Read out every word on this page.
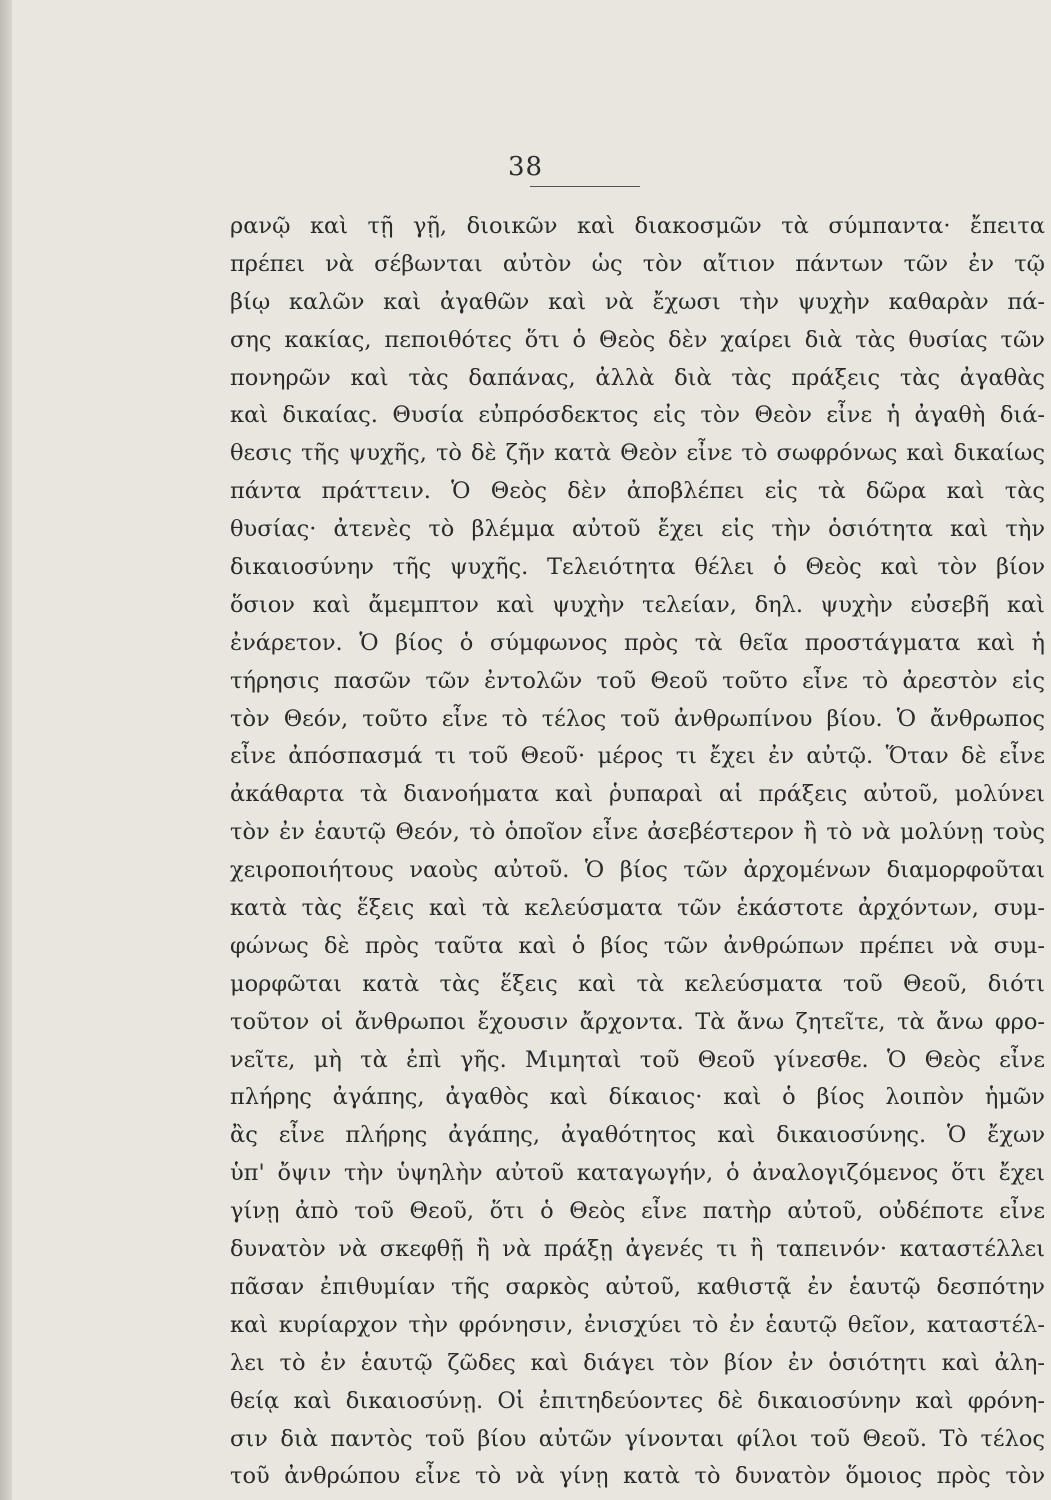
38
ρανῷ καὶ τῇ γῇ, διοικῶν καὶ διακοσμῶν τὰ σύμπαντα· ἔπειτα
πρέπει νὰ σέβωνται αὐτὸν ὡς τὸν αἴτιον πάντων τῶν ἐν τῷ
βίῳ καλῶν καὶ ἀγαθῶν καὶ νὰ ἔχωσι τὴν ψυχὴν καθαρὰν πά-
σης κακίας, πεποιθότες ὅτι ὁ Θεὸς δὲν χαίρει διὰ τὰς θυσίας τῶν
πονηρῶν καὶ τὰς δαπάνας, ἀλλὰ διὰ τὰς πράξεις τὰς ἀγαθὰς
καὶ δικαίας. Θυσία εὐπρόσδεκτος εἰς τὸν Θεὸν εἶνε ἡ ἀγαθὴ διά-
θεσις τῆς ψυχῆς, τὸ δὲ ζῆν κατὰ Θεὸν εἶνε τὸ σωφρόνως καὶ δικαίως
πάντα πράττειν. Ὁ Θεὸς δὲν ἀποβλέπει εἰς τὰ δῶρα καὶ τὰς
θυσίας· ἀτενὲς τὸ βλέμμα αὐτοῦ ἔχει εἰς τὴν ὁσιότητα καὶ τὴν
δικαιοσύνην τῆς ψυχῆς. Τελειότητα θέλει ὁ Θεὸς καὶ τὸν βίον
ὅσιον καὶ ἄμεμπτον καὶ ψυχὴν τελείαν, δηλ. ψυχὴν εὐσεβῆ καὶ
ἐνάρετον. Ὁ βίος ὁ σύμφωνος πρὸς τὰ θεῖα προστάγματα καὶ ἡ
τήρησις πασῶν τῶν ἐντολῶν τοῦ Θεοῦ τοῦτο εἶνε τὸ ἀρεστὸν εἰς
τὸν Θεόν, τοῦτο εἶνε τὸ τέλος τοῦ ἀνθρωπίνου βίου. Ὁ ἄνθρωπος
εἶνε ἀπόσπασμά τι τοῦ Θεοῦ· μέρος τι ἔχει ἐν αὐτῷ. Ὅταν δὲ εἶνε
ἀκάθαρτα τὰ διανοήματα καὶ ῥυπαραὶ αἱ πράξεις αὐτοῦ, μολύνει
τὸν ἐν ἑαυτῷ Θεόν, τὸ ὁποῖον εἶνε ἀσεβέστερον ἢ τὸ νὰ μολύνῃ τοὺς
χειροποιήτους ναοὺς αὐτοῦ. Ὁ βίος τῶν ἀρχομένων διαμορφοῦται
κατὰ τὰς ἕξεις καὶ τὰ κελεύσματα τῶν ἑκάστοτε ἀρχόντων, συμ-
φώνως δὲ πρὸς ταῦτα καὶ ὁ βίος τῶν ἀνθρώπων πρέπει νὰ συμ-
μορφῶται κατὰ τὰς ἕξεις καὶ τὰ κελεύσματα τοῦ Θεοῦ, διότι
τοῦτον οἱ ἄνθρωποι ἔχουσιν ἄρχοντα. Τὰ ἄνω ζητεῖτε, τὰ ἄνω φρο-
νεῖτε, μὴ τὰ ἐπὶ γῆς. Μιμηταὶ τοῦ Θεοῦ γίνεσθε. Ὁ Θεὸς εἶνε
πλήρης ἀγάπης, ἀγαθὸς καὶ δίκαιος· καὶ ὁ βίος λοιπὸν ἡμῶν
ἂς εἶνε πλήρης ἀγάπης, ἀγαθότητος καὶ δικαιοσύνης. Ὁ ἔχων
ὑπ' ὄψιν τὴν ὑψηλὴν αὐτοῦ καταγωγήν, ὁ ἀναλογιζόμενος ὅτι ἔχει
γίνῃ ἀπὸ τοῦ Θεοῦ, ὅτι ὁ Θεὸς εἶνε πατὴρ αὐτοῦ, οὐδέποτε εἶνε
δυνατὸν νὰ σκεφθῇ ἢ νὰ πράξῃ ἀγενές τι ἢ ταπεινόν· καταστέλλει
πᾶσαν ἐπιθυμίαν τῆς σαρκὸς αὐτοῦ, καθιστᾷ ἐν ἑαυτῷ δεσπότην
καὶ κυρίαρχον τὴν φρόνησιν, ἐνισχύει τὸ ἐν ἑαυτῷ θεῖον, καταστέλ-
λει τὸ ἐν ἑαυτῷ ζῶδες καὶ διάγει τὸν βίον ἐν ὁσιότητι καὶ ἀλη-
θείᾳ καὶ δικαιοσύνῃ. Οἱ ἐπιτηδεύοντες δὲ δικαιοσύνην καὶ φρόνη-
σιν διὰ παντὸς τοῦ βίου αὐτῶν γίνονται φίλοι τοῦ Θεοῦ. Τὸ τέλος
τοῦ ἀνθρώπου εἶνε τὸ νὰ γίνῃ κατὰ τὸ δυνατὸν ὅμοιος πρὸς τὸν
